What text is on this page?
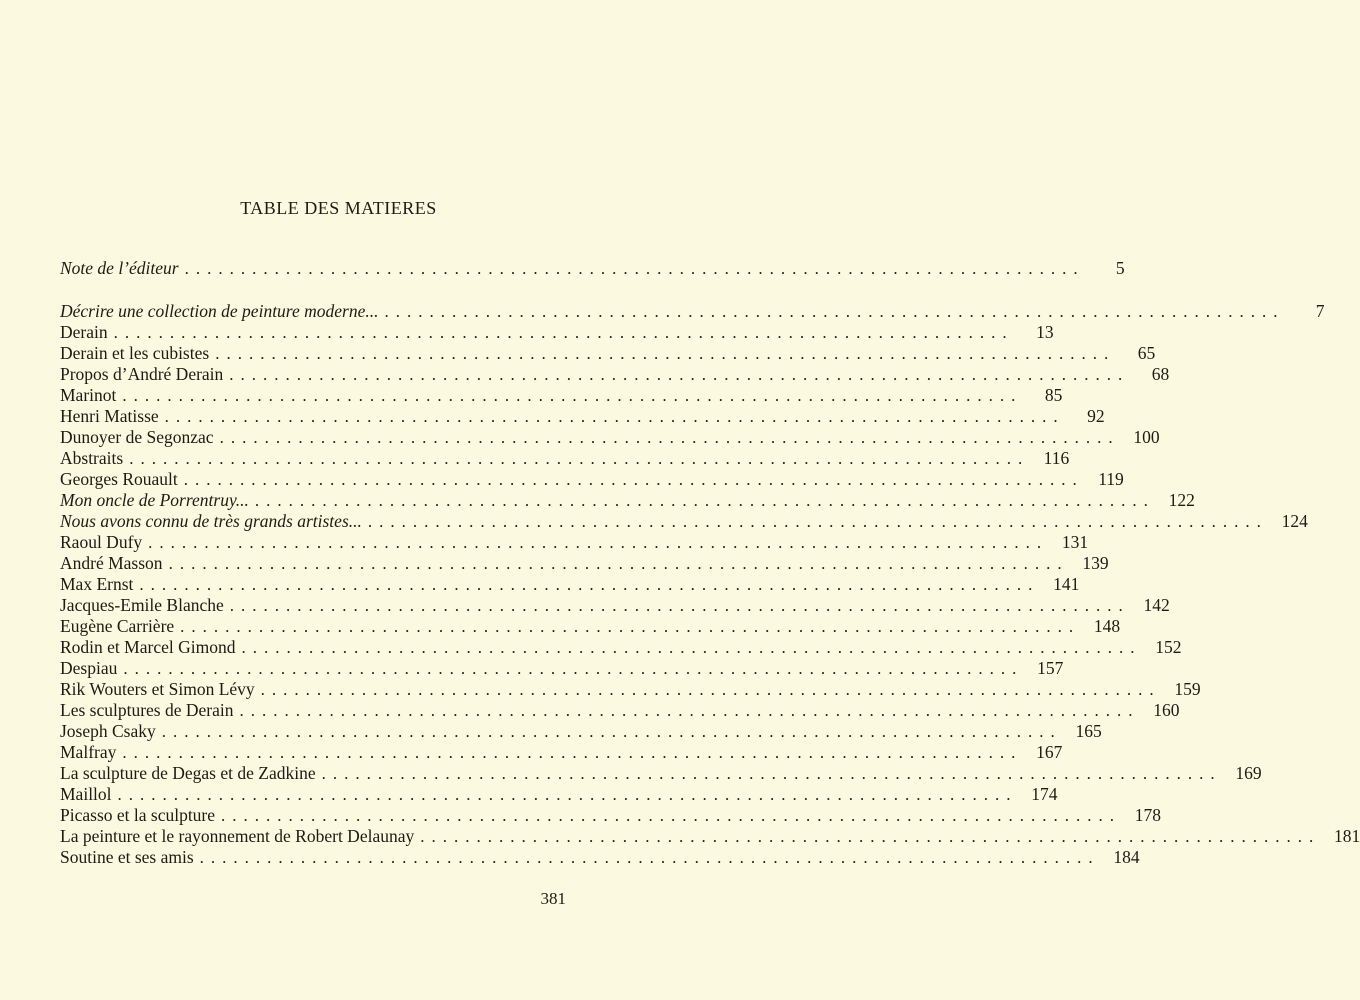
TABLE DES MATIERES
Note de l’éditeur ................................................................................	5
Décrire une collection de peinture moderne... ................................................................................	7
Derain ................................................................................	13
Derain et les cubistes ................................................................................	65
Propos d’André Derain ................................................................................	68
Marinot ................................................................................	85
Henri Matisse ................................................................................	92
Dunoyer de Segonzac ................................................................................ 100
Abstraits ................................................................................ 116
Georges Rouault ................................................................................ 119
Mon oncle de Porrentruy... ................................................................................ 122
Nous avons connu de très grands artistes... ................................................................................ 124
Raoul Dufy ................................................................................ 131
André Masson ................................................................................ 139
Max Ernst ................................................................................ 141
Jacques-Emile Blanche ................................................................................ 142
Eugène Carrière ................................................................................ 148
Rodin et Marcel Gimond ................................................................................ 152
Despiau ................................................................................ 157
Rik Wouters et Simon Lévy ................................................................................ 159
Les sculptures de Derain ................................................................................ 160
Joseph Csaky ................................................................................ 165
Malfray ................................................................................ 167
La sculpture de Degas et de Zadkine ................................................................................ 169
Maillol ................................................................................ 174
Picasso et la sculpture ................................................................................ 178
La peinture et le rayonnement de Robert Delaunay ................................................................................ 181
Soutine et ses amis ................................................................................ 184
381
